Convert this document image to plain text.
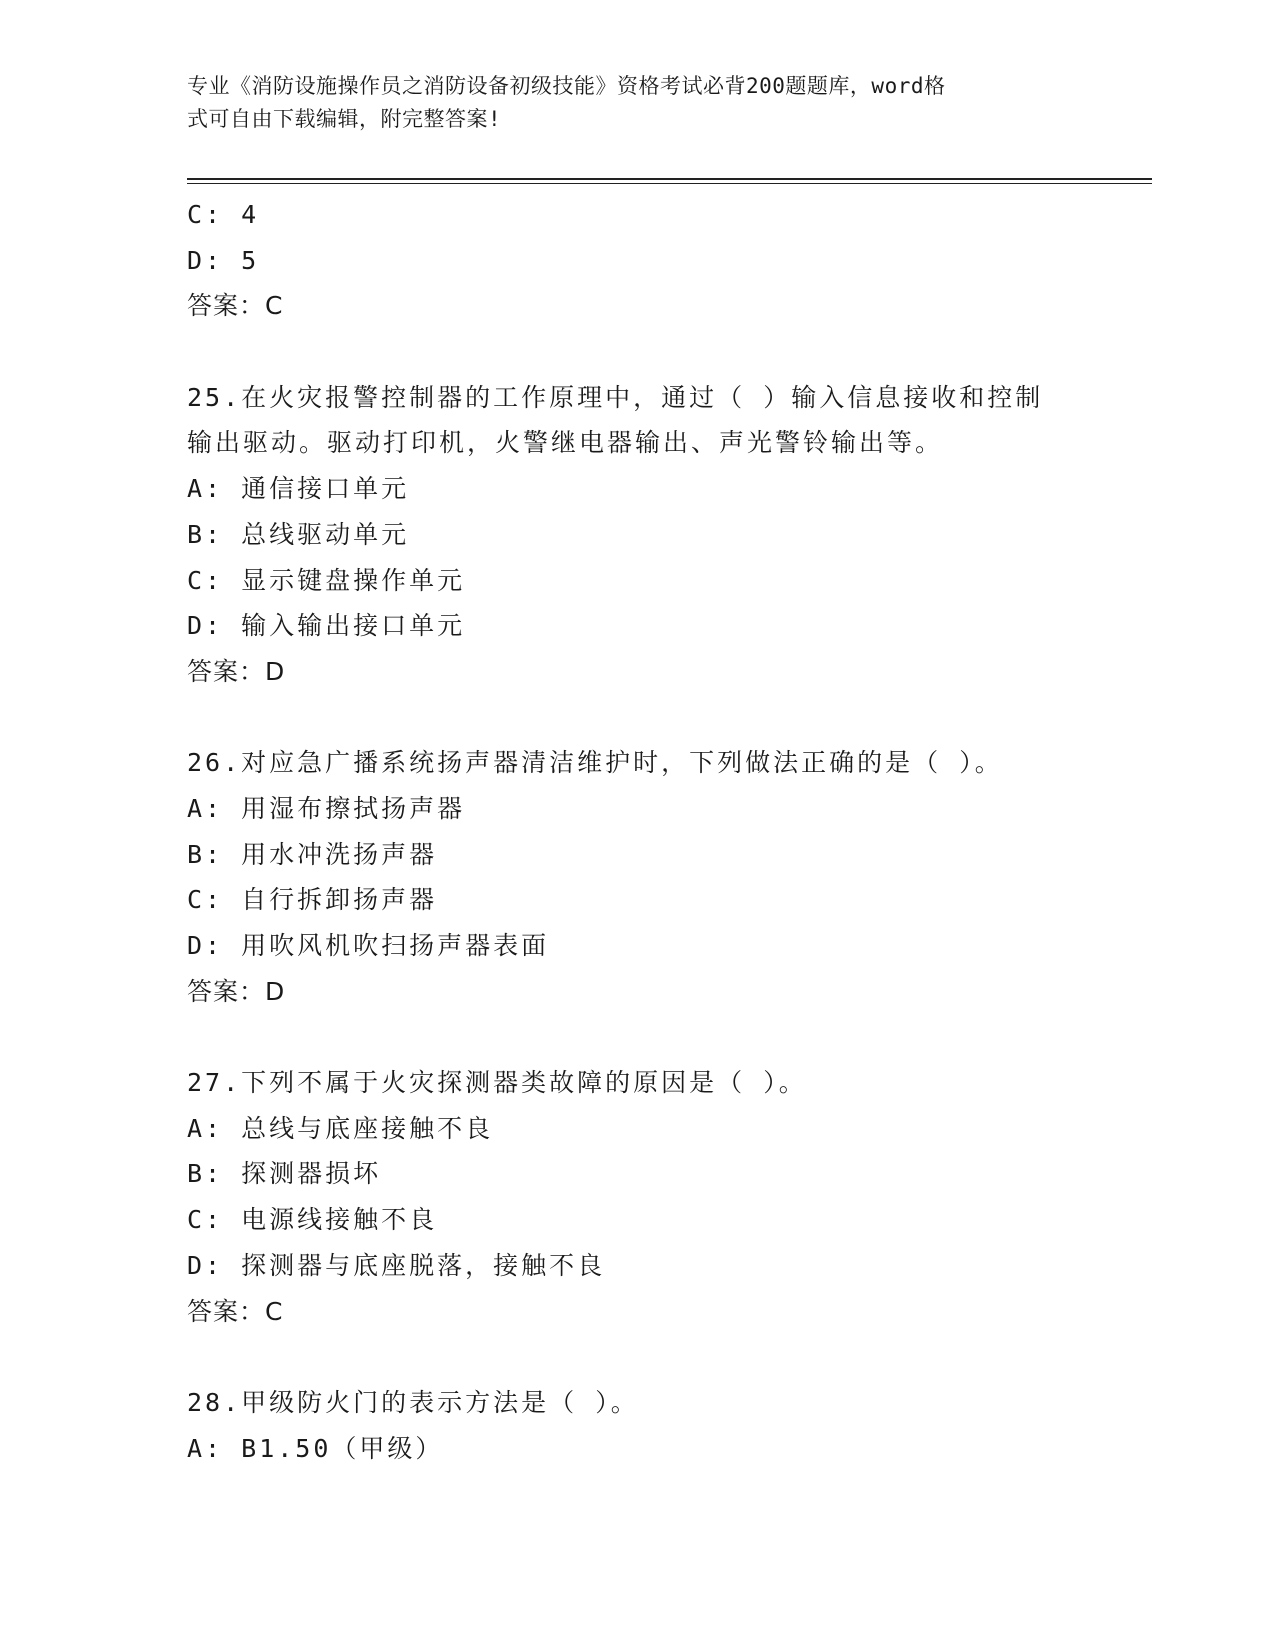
专业《消防设施操作员之消防设备初级技能》资格考试必背200题题库，word格
式可自由下载编辑，附完整答案!
C: 4
D: 5
答案：C
25.在火灾报警控制器的工作原理中，通过（ ）输入信息接收和控制
输出驱动。驱动打印机，火警继电器输出、声光警铃输出等。
A: 通信接口单元
B: 总线驱动单元
C: 显示键盘操作单元
D: 输入输出接口单元
答案：D
26.对应急广播系统扬声器清洁维护时，下列做法正确的是（ ）。
A: 用湿布擦拭扬声器
B: 用水冲洗扬声器
C: 自行拆卸扬声器
D: 用吹风机吹扫扬声器表面
答案：D
27.下列不属于火灾探测器类故障的原因是（ ）。
A: 总线与底座接触不良
B: 探测器损坏
C: 电源线接触不良
D: 探测器与底座脱落，接触不良
答案：C
28.甲级防火门的表示方法是（ ）。
A: B1.50（甲级）
